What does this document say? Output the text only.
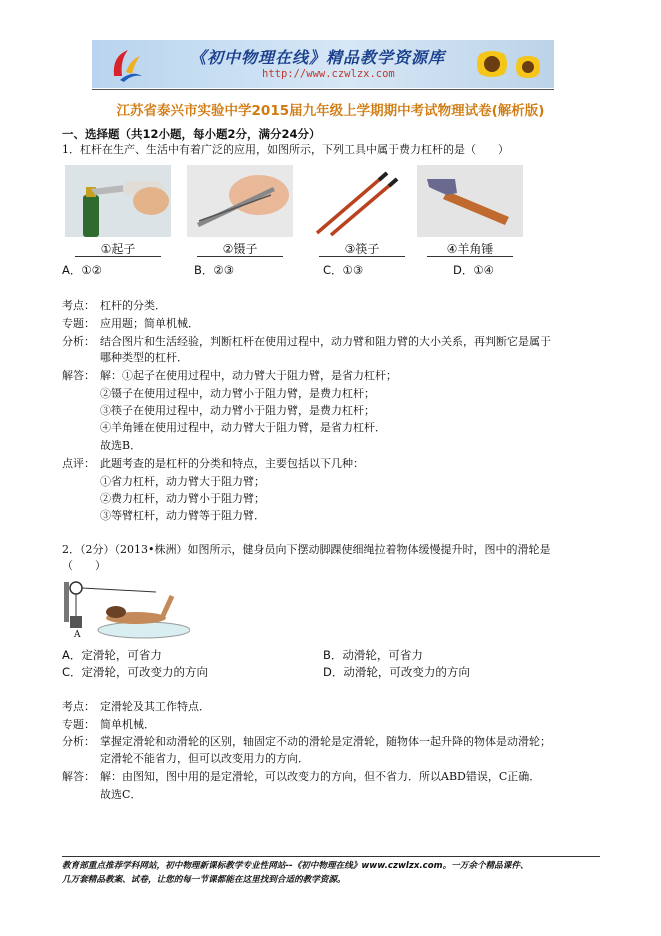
《初中物理在线》精品教学资源库
http://www.czwlzx.com
江苏省泰兴市实验中学2015届九年级上学期期中考试物理试卷(解析版)
一、选择题（共12小题，每小题2分，满分24分）
1．杠杆在生产、生活中有着广泛的应用，如图所示，下列工具中属于费力杠杆的是（　　）
①起子	②镊子	③筷子	④羊角锤
A．①②	B．②③	C．①③	D．①④
考点： 杠杆的分类．
专题： 应用题；简单机械．
分析： 结合图片和生活经验，判断杠杆在使用过程中，动力臂和阻力臂的大小关系，再判断它是属于
哪种类型的杠杆．
解答： 解：①起子在使用过程中，动力臂大于阻力臂，是省力杠杆；
②镊子在使用过程中，动力臂小于阻力臂，是费力杠杆；
③筷子在使用过程中，动力臂小于阻力臂，是费力杠杆；
④羊角锤在使用过程中，动力臂大于阻力臂，是省力杠杆．
故选B．
点评： 此题考查的是杠杆的分类和特点，主要包括以下几种：
①省力杠杆，动力臂大于阻力臂；
②费力杠杆，动力臂小于阻力臂；
③等臂杠杆，动力臂等于阻力臂．
2．（2分）（2013•株洲）如图所示，健身员向下摆动脚踝使细绳拉着物体缓慢提升时，图中的滑轮是
（　　）
A
A．定滑轮，可省力	B．动滑轮，可省力
C．定滑轮，可改变力的方向	D．动滑轮，可改变力的方向
考点： 定滑轮及其工作特点．
专题： 简单机械．
分析： 掌握定滑轮和动滑轮的区别，轴固定不动的滑轮是定滑轮，随物体一起升降的物体是动滑轮；
定滑轮不能省力，但可以改变用力的方向．
解答： 解：由图知，图中用的是定滑轮，可以改变力的方向，但不省力．所以ABD错误，C正确．
故选C．
教育部重点推荐学科网站，初中物理新课标教学专业性网站--《初中物理在线》www.czwlzx.com。一万余个精品课件、
几万套精品教案、试卷，让您的每一节课都能在这里找到合适的教学资源。
